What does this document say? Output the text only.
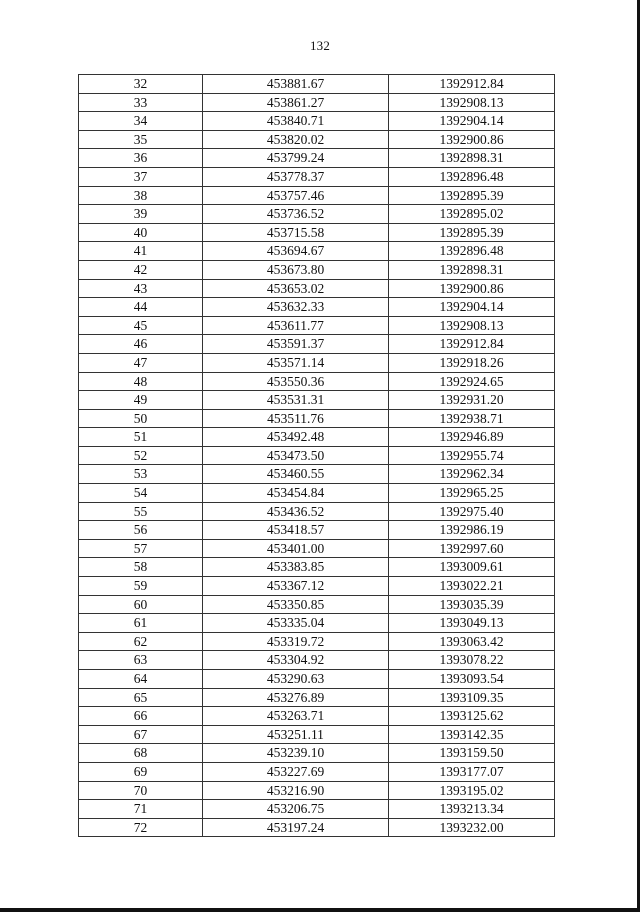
132
32	453881.67	1392912.84
33	453861.27	1392908.13
34	453840.71	1392904.14
35	453820.02	1392900.86
36	453799.24	1392898.31
37	453778.37	1392896.48
38	453757.46	1392895.39
39	453736.52	1392895.02
40	453715.58	1392895.39
41	453694.67	1392896.48
42	453673.80	1392898.31
43	453653.02	1392900.86
44	453632.33	1392904.14
45	453611.77	1392908.13
46	453591.37	1392912.84
47	453571.14	1392918.26
48	453550.36	1392924.65
49	453531.31	1392931.20
50	453511.76	1392938.71
51	453492.48	1392946.89
52	453473.50	1392955.74
53	453460.55	1392962.34
54	453454.84	1392965.25
55	453436.52	1392975.40
56	453418.57	1392986.19
57	453401.00	1392997.60
58	453383.85	1393009.61
59	453367.12	1393022.21
60	453350.85	1393035.39
61	453335.04	1393049.13
62	453319.72	1393063.42
63	453304.92	1393078.22
64	453290.63	1393093.54
65	453276.89	1393109.35
66	453263.71	1393125.62
67	453251.11	1393142.35
68	453239.10	1393159.50
69	453227.69	1393177.07
70	453216.90	1393195.02
71	453206.75	1393213.34
72	453197.24	1393232.00
